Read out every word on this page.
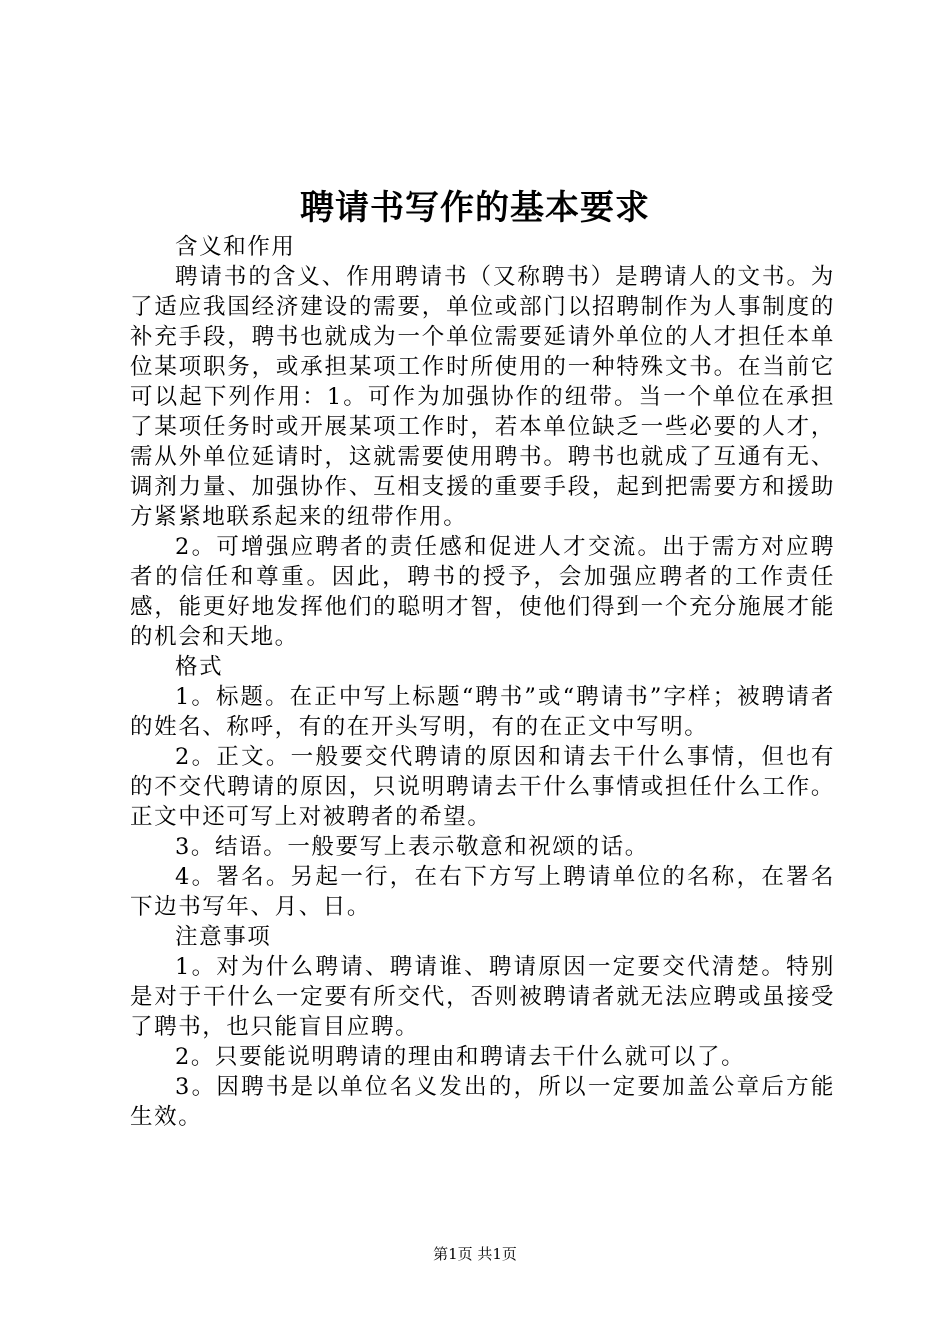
聘请书写作的基本要求

含义和作用

聘请书的含义、作用聘请书（又称聘书）是聘请人的文书。为了适应我国经济建设的需要，单位或部门以招聘制作为人事制度的补充手段，聘书也就成为一个单位需要延请外单位的人才担任本单位某项职务，或承担某项工作时所使用的一种特殊文书。在当前它可以起下列作用：1。可作为加强协作的纽带。当一个单位在承担了某项任务时或开展某项工作时，若本单位缺乏一些必要的人才，需从外单位延请时，这就需要使用聘书。聘书也就成了互通有无、调剂力量、加强协作、互相支援的重要手段，起到把需要方和援助方紧紧地联系起来的纽带作用。

2。可增强应聘者的责任感和促进人才交流。出于需方对应聘者的信任和尊重。因此，聘书的授予，会加强应聘者的工作责任感，能更好地发挥他们的聪明才智，使他们得到一个充分施展才能的机会和天地。

格式

1。标题。在正中写上标题“聘书”或“聘请书”字样；被聘请者的姓名、称呼，有的在开头写明，有的在正文中写明。

2。正文。一般要交代聘请的原因和请去干什么事情，但也有的不交代聘请的原因，只说明聘请去干什么事情或担任什么工作。正文中还可写上对被聘者的希望。

3。结语。一般要写上表示敬意和祝颂的话。

4。署名。另起一行，在右下方写上聘请单位的名称，在署名下边书写年、月、日。

注意事项

1。对为什么聘请、聘请谁、聘请原因一定要交代清楚。特别是对于干什么一定要有所交代，否则被聘请者就无法应聘或虽接受了聘书，也只能盲目应聘。

2。只要能说明聘请的理由和聘请去干什么就可以了。

3。因聘书是以单位名义发出的，所以一定要加盖公章后方能生效。

第1页 共1页
